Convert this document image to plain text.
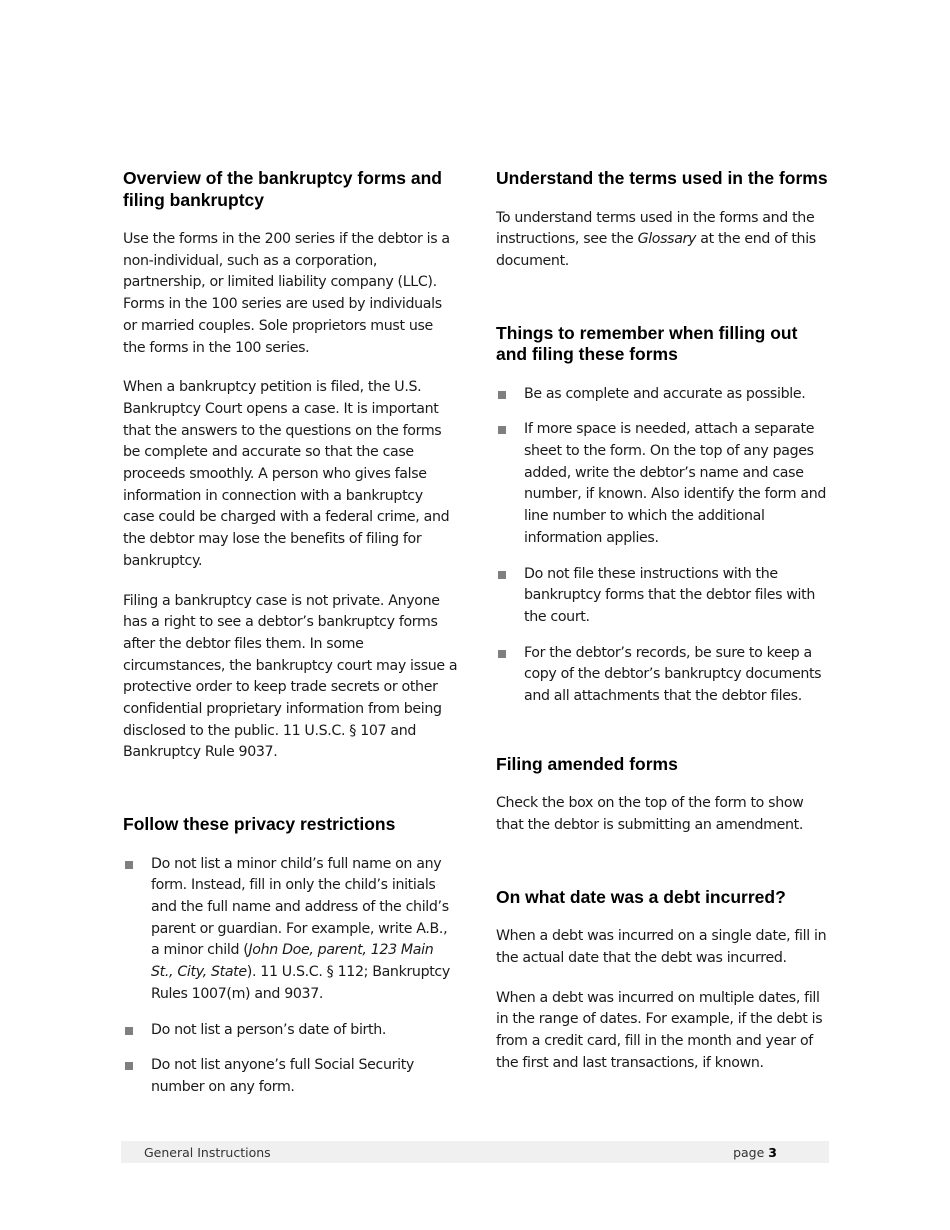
Overview of the bankruptcy forms and filing bankruptcy

Use the forms in the 200 series if the debtor is a non-individual, such as a corporation, partnership, or limited liability company (LLC). Forms in the 100 series are used by individuals or married couples. Sole proprietors must use the forms in the 100 series.

When a bankruptcy petition is filed, the U.S. Bankruptcy Court opens a case. It is important that the answers to the questions on the forms be complete and accurate so that the case proceeds smoothly. A person who gives false information in connection with a bankruptcy case could be charged with a federal crime, and the debtor may lose the benefits of filing for bankruptcy.

Filing a bankruptcy case is not private. Anyone has a right to see a debtor’s bankruptcy forms after the debtor files them. In some circumstances, the bankruptcy court may issue a protective order to keep trade secrets or other confidential proprietary information from being disclosed to the public. 11 U.S.C. § 107 and Bankruptcy Rule 9037.

Follow these privacy restrictions
Do not list a minor child’s full name on any form. Instead, fill in only the child’s initials and the full name and address of the child’s parent or guardian. For example, write A.B., a minor child (John Doe, parent, 123 Main St., City, State). 11 U.S.C. § 112; Bankruptcy Rules 1007(m) and 9037.
Do not list a person’s date of birth.
Do not list anyone’s full Social Security number on any form.
Understand the terms used in the forms

To understand terms used in the forms and the instructions, see the Glossary at the end of this document.

Things to remember when filling out and filing these forms
Be as complete and accurate as possible.
If more space is needed, attach a separate sheet to the form. On the top of any pages added, write the debtor’s name and case number, if known. Also identify the form and line number to which the additional information applies.
Do not file these instructions with the bankruptcy forms that the debtor files with the court.
For the debtor’s records, be sure to keep a copy of the debtor’s bankruptcy documents and all attachments that the debtor files.
Filing amended forms

Check the box on the top of the form to show that the debtor is submitting an amendment.

On what date was a debt incurred?

When a debt was incurred on a single date, fill in the actual date that the debt was incurred.

When a debt was incurred on multiple dates, fill in the range of dates. For example, if the debt is from a credit card, fill in the month and year of the first and last transactions, if known.

General Instructions	page 3
